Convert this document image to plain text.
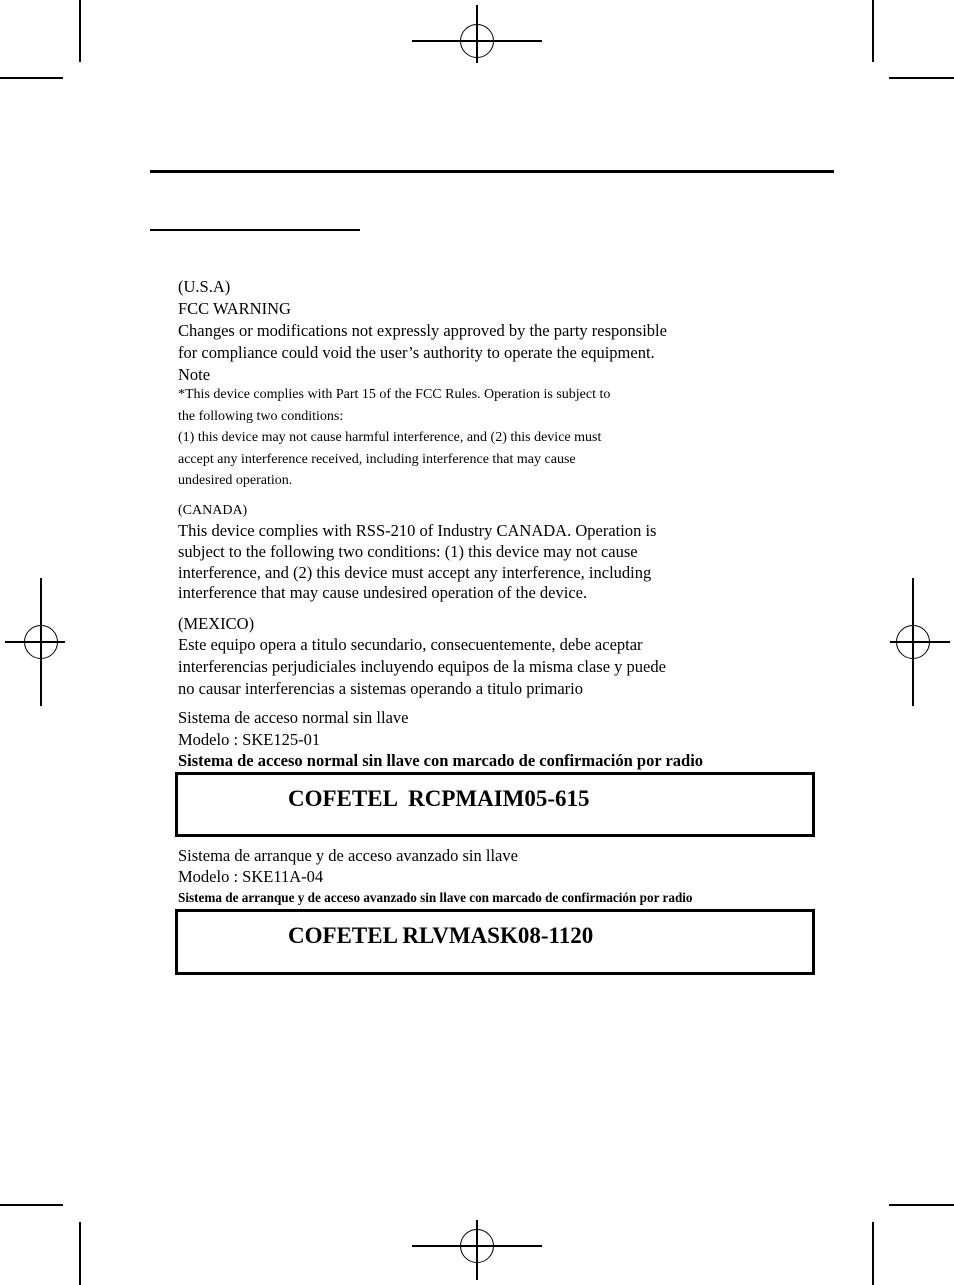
(U.S.A)
FCC WARNING
Changes or modifications not expressly approved by the party responsible
for compliance could void the user’s authority to operate the equipment.
Note
*This device complies with Part 15 of the FCC Rules. Operation is subject to
the following two conditions:
(1) this device may not cause harmful interference, and (2) this device must
accept any interference received, including interference that may cause
undesired operation.
(CANADA)
This device complies with RSS-210 of Industry CANADA. Operation is
subject to the following two conditions: (1) this device may not cause
interference, and (2) this device must accept any interference, including
interference that may cause undesired operation of the device.
(MEXICO)
Este equipo opera a titulo secundario, consecuentemente, debe aceptar
interferencias perjudiciales incluyendo equipos de la misma clase y puede
no causar interferencias a sistemas operando a titulo primario
Sistema de acceso normal sin llave
Modelo : SKE125-01
Sistema de acceso normal sin llave con marcado de confirmación por radio
COFETEL  RCPMAIM05-615
Sistema de arranque y de acceso avanzado sin llave
Modelo : SKE11A-04
Sistema de arranque y de acceso avanzado sin llave con marcado de confirmación por radio
COFETEL RLVMASK08-1120
